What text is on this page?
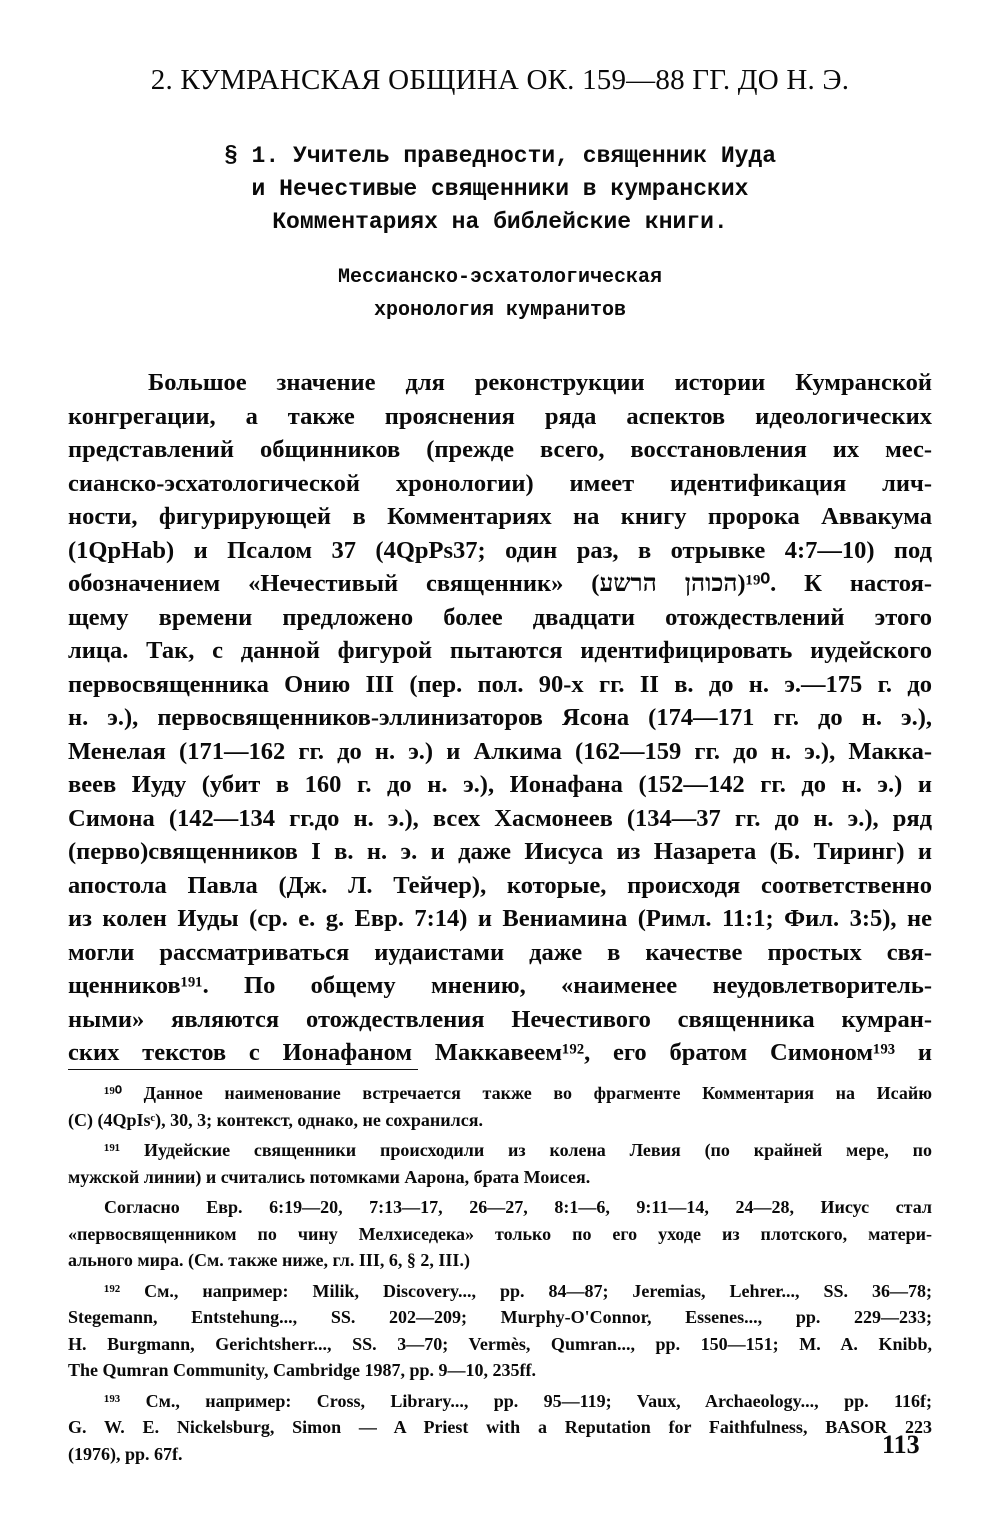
2. КУМРАНСКАЯ ОБЩИНА ОК. 159—88 ГГ. ДО Н. Э.
§ 1. Учитель праведности, священник Иуда
и Нечестивые священники в кумранских
Комментариях на библейские книги.
Мессианско-эсхатологическая
хронология кумранитов
Большое значение для реконструкции истории Кумранской
конгрегации, а также прояснения ряда аспектов идеологических
представлений общинников (прежде всего, восстановления их мес-
сианско-эсхатологической хронологии) имеет идентификация лич-
ности, фигурирующей в Комментариях на книгу пророка Аввакума
(1QpHab) и Псалом 37 (4QpPs37; один раз, в отрывке 4:7—10) под
обозначением «Нечестивый священник» (הכוהן הרשע)¹⁹⁰. К настоя-
щему времени предложено более двадцати отождествлений этого
лица. Так, с данной фигурой пытаются идентифицировать иудейского
первосвященника Онию III (пер. пол. 90-х гг. II в. до н. э.—175 г. до
н. э.), первосвященников-эллинизаторов Ясона (174—171 гг. до н. э.),
Менелая (171—162 гг. до н. э.) и Алкима (162—159 гг. до н. э.), Макка-
веев Иуду (убит в 160 г. до н. э.), Ионафана (152—142 гг. до н. э.) и
Симона (142—134 гг.до н. э.), всех Хасмонеев (134—37 гг. до н. э.), ряд
(перво)священников I в. н. э. и даже Иисуса из Назарета (Б. Тиринг) и
апостола Павла (Дж. Л. Тейчер), которые, происходя соответственно
из колен Иуды (ср. e. g. Евр. 7:14) и Вениамина (Римл. 11:1; Фил. 3:5), не
могли рассматриваться иудаистами даже в качестве простых свя-
щенников¹⁹¹. По общему мнению, «наименее неудовлетворитель-
ными» являются отождествления Нечестивого священника кумран-
ских текстов с Ионафаном Маккавеем¹⁹², его братом Симоном¹⁹³ и
¹⁹⁰ Данное наименование встречается также во фрагменте Комментария на Исайю
(C) (4QpIsᶜ), 30, 3; контекст, однако, не сохранился.
¹⁹¹ Иудейские священники происходили из колена Левия (по крайней мере, по
мужской линии) и считались потомками Аарона, брата Моисея.
Согласно Евр. 6:19—20, 7:13—17, 26—27, 8:1—6, 9:11—14, 24—28, Иисус стал
«первосвященником по чину Мелхиседека» только по его уходе из плотского, матери-
ального мира. (См. также ниже, гл. III, 6, § 2, III.)
¹⁹² См., например: Milik, Discovery..., pp. 84—87; Jeremias, Lehrer..., SS. 36—78;
Stegemann, Entstehung..., SS. 202—209; Murphy-O'Connor, Essenes..., pp. 229—233;
H. Burgmann, Gerichtsherr..., SS. 3—70; Vermès, Qumran..., pp. 150—151; M. A. Knibb,
The Qumran Community, Cambridge 1987, pp. 9—10, 235ff.
¹⁹³ См., например: Cross, Library..., pp. 95—119; Vaux, Archaeology..., pp. 116f;
G. W. E. Nickelsburg, Simon — A Priest with a Reputation for Faithfulness, BASOR 223
(1976), pp. 67f.	113
